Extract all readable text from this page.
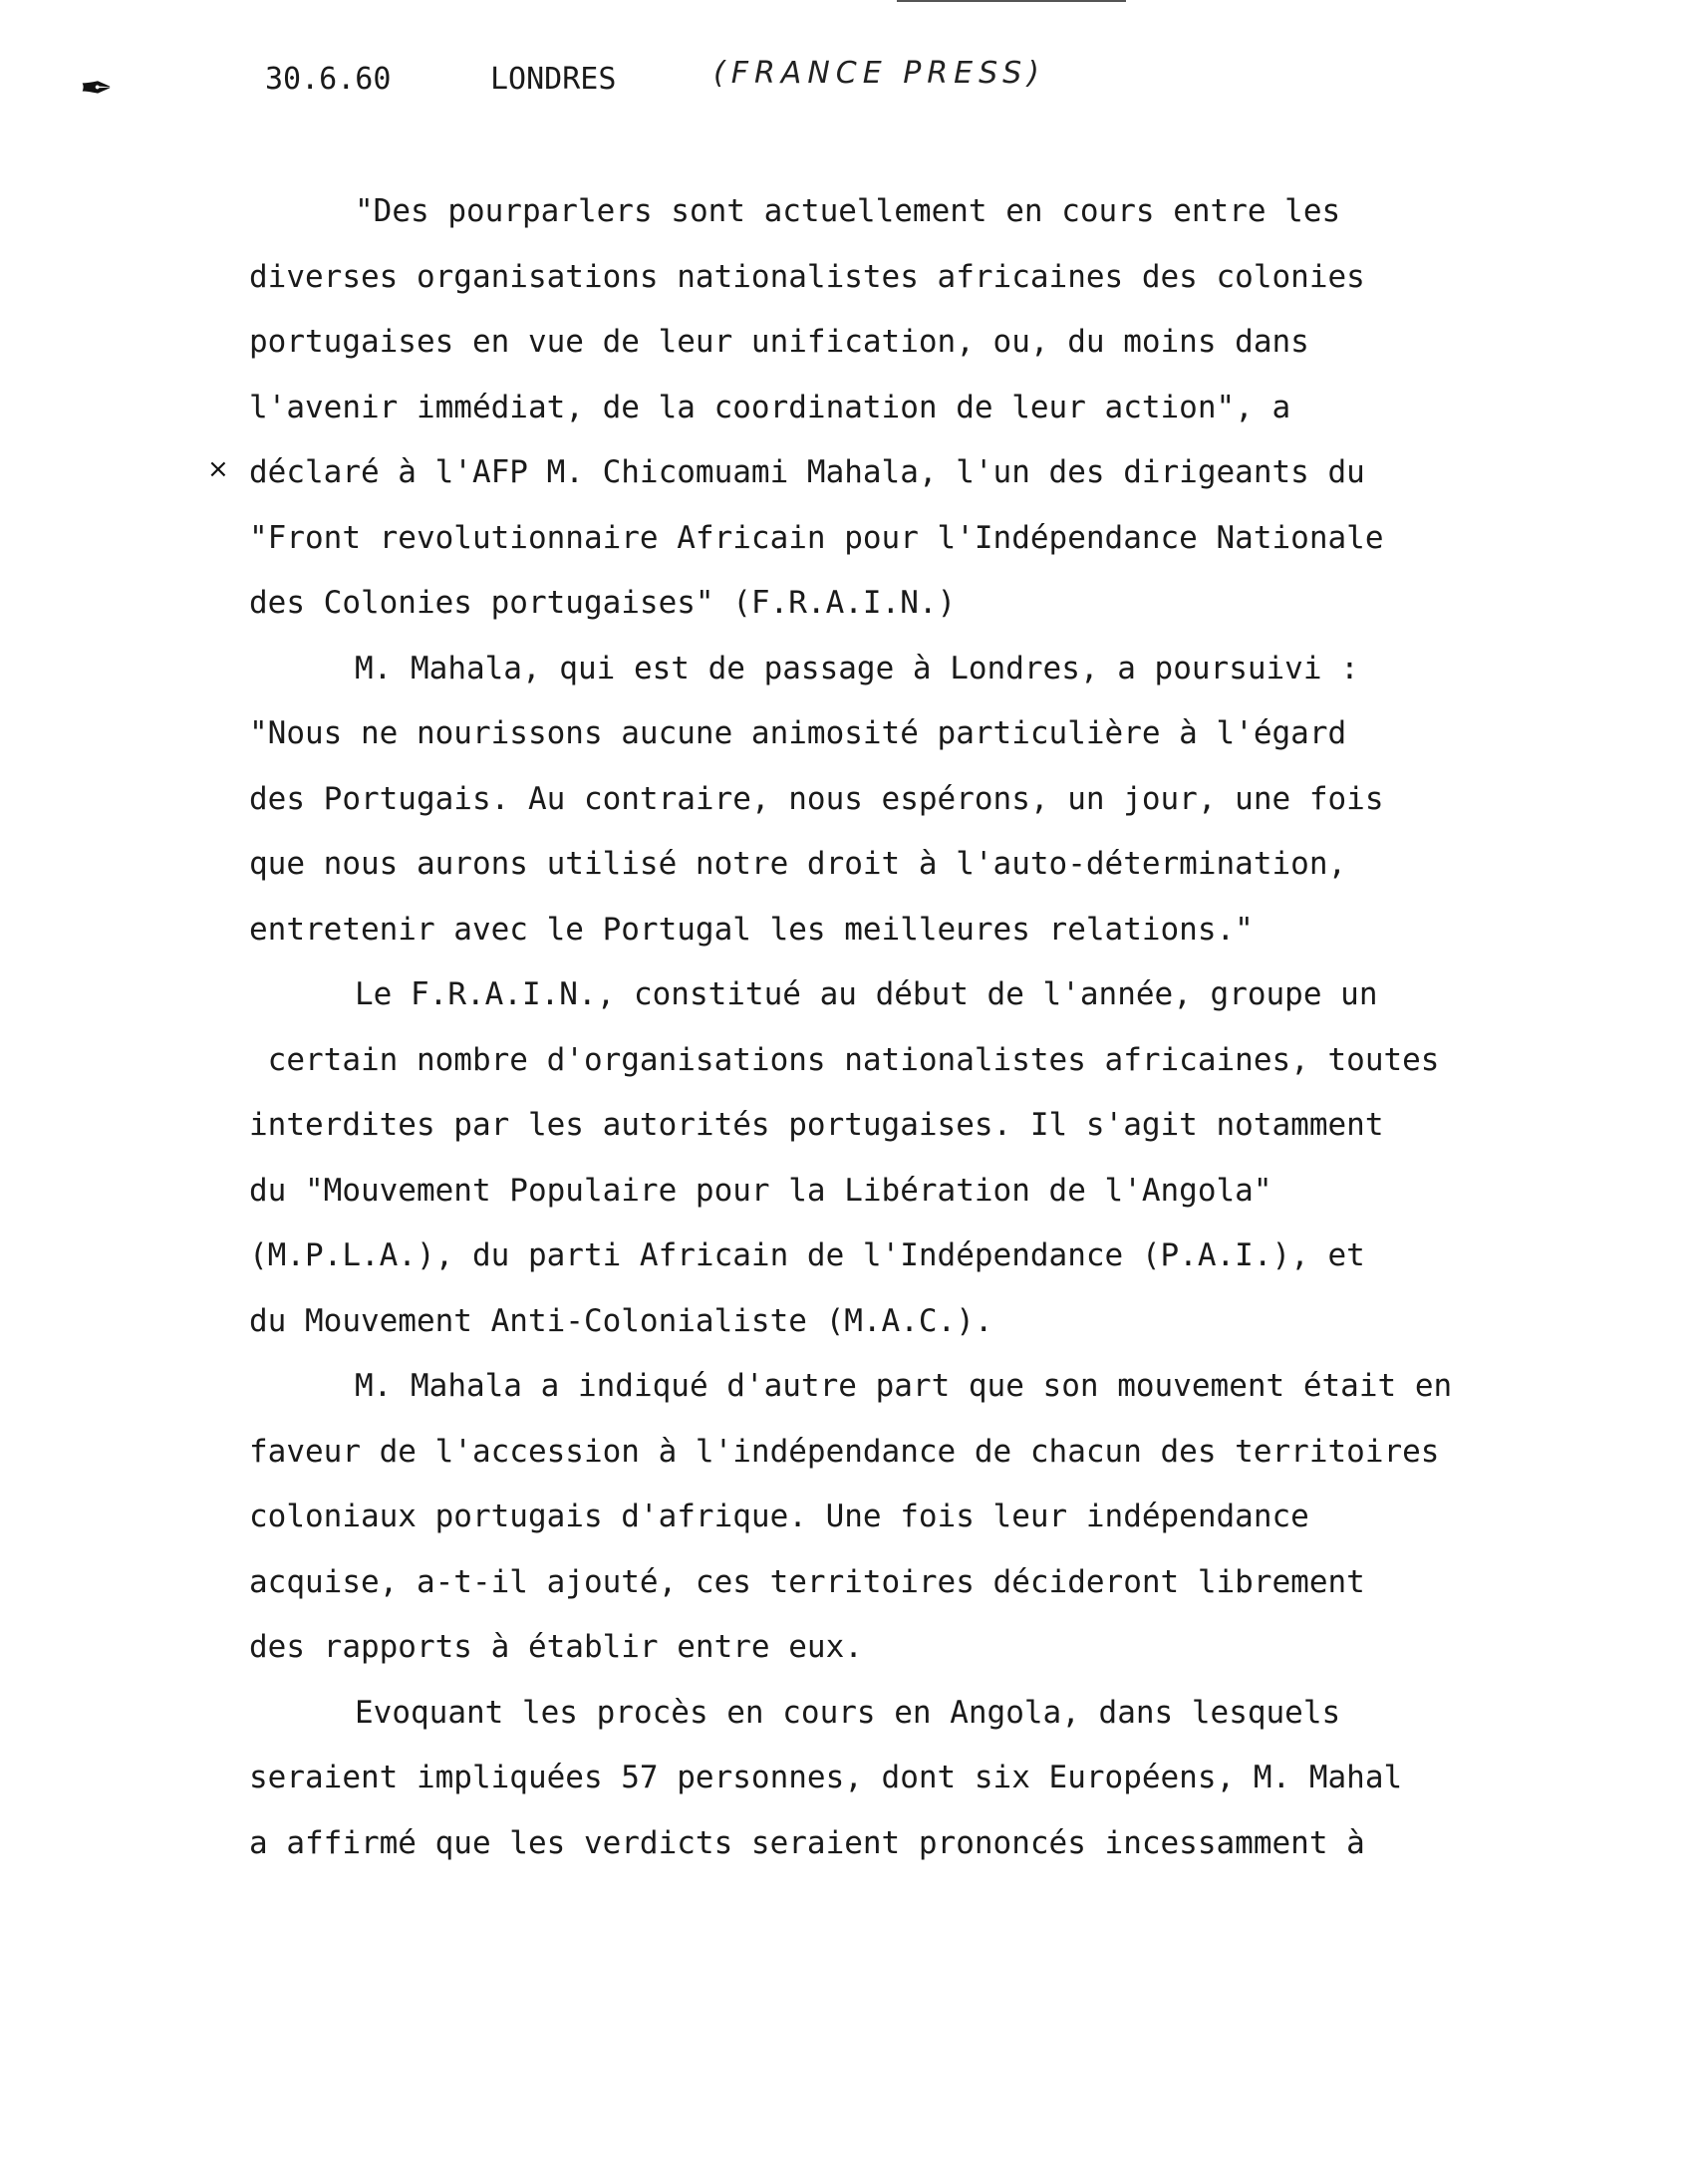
✒	30.6.60	LONDRES	(FRANCE PRESS)
×

"Des pourparlers sont actuellement en cours entre les
diverses organisations nationalistes africaines des colonies
portugaises en vue de leur unification, ou, du moins dans
l'avenir immédiat, de la coordination de leur action", a
déclaré à l'AFP M. Chicomuami Mahala, l'un des dirigeants du
"Front revolutionnaire Africain pour l'Indépendance Nationale
des Colonies portugaises" (F.R.A.I.N.)

M. Mahala, qui est de passage à Londres, a poursuivi :
"Nous ne nourissons aucune animosité particulière à l'égard
des Portugais. Au contraire, nous espérons, un jour, une fois
que nous aurons utilisé notre droit à l'auto-détermination,
entretenir avec le Portugal les meilleures relations."

Le F.R.A.I.N., constitué au début de l'année, groupe un
certain nombre d'organisations nationalistes africaines, toutes
interdites par les autorités portugaises. Il s'agit notamment
du "Mouvement Populaire pour la Libération de l'Angola"
(M.P.L.A.), du parti Africain de l'Indépendance (P.A.I.), et
du Mouvement Anti-Colonialiste (M.A.C.).

M. Mahala a indiqué d'autre part que son mouvement était en
faveur de l'accession à l'indépendance de chacun des territoires
coloniaux portugais d'afrique. Une fois leur indépendance
acquise, a-t-il ajouté, ces territoires décideront librement
des rapports à établir entre eux.

Evoquant les procès en cours en Angola, dans lesquels
seraient impliquées 57 personnes, dont six Européens, M. Mahal
a affirmé que les verdicts seraient prononcés incessamment à
